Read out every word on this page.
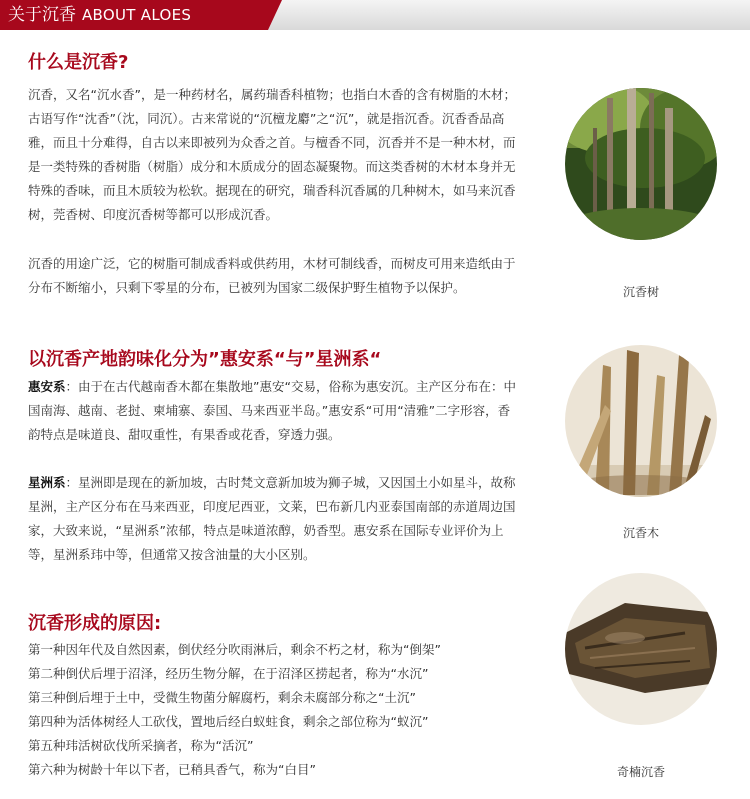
关于沉香 ABOUT ALOES
什么是沉香?

沉香，又名“沉水香”，是一种药材名，属药瑞香科植物；也指白木香的含有树脂的木材；古语写作“沈香”（沈，同沉）。古来常说的“沉檀龙麝”之“沉”，就是指沉香。沉香香品高雅，而且十分难得，自古以来即被列为众香之首。与檀香不同，沉香并不是一种木材，而是一类特殊的香树脂（树脂）成分和木质成分的固态凝聚物。而这类香树的木材本身并无特殊的香味，而且木质较为松软。据现在的研究，瑞香科沉香属的几种树木，如马来沉香树，莞香树、印度沉香树等都可以形成沉香。

沉香的用途广泛，它的树脂可制成香料或供药用，木材可制线香，而树皮可用来造纸由于分布不断缩小，只剩下零星的分布，已被列为国家二级保护野生植物予以保护。

以沉香产地韵味化分为”惠安系“与”星洲系“

惠安系：由于在古代越南香木都在集散地”惠安“交易，俗称为惠安沉。主产区分布在：中国南海、越南、老挝、柬埔寨、泰国、马来西亚半岛。”惠安系“可用“清雅”二字形容，香韵特点是味道良、甜叹重性，有果香或花香，穿透力强。

星洲系：星洲即是现在的新加坡，古时梵文意新加坡为狮子城，又因国土小如星斗，故称星洲，主产区分布在马来西亚，印度尼西亚，文莱，巴布新几内亚泰国南部的赤道周边国家，大致来说，“星洲系”浓郁，特点是味道浓醇，奶香型。惠安系在国际专业评价为上等，星洲系玮中等，但通常又按含油量的大小区别。

沉香形成的原因:
第一种因年代及自然因素，倒伏经分吹雨淋后，剩余不朽之材，称为“倒架”
第二种倒伏后埋于沼泽，经历生物分解，在于沼泽区捞起者，称为“水沉”
第三种倒后埋于土中，受微生物菌分解腐朽，剩余未腐部分称之“土沉”
第四种为活体树经人工砍伐，置地后经白蚁蛀食，剩余之部位称为“蚁沉”
第五种玮活树砍伐所采摘者，称为“活沉”
第六种为树龄十年以下者，已稍具香气，称为“白目”
沉香树
沉香木
奇楠沉香
